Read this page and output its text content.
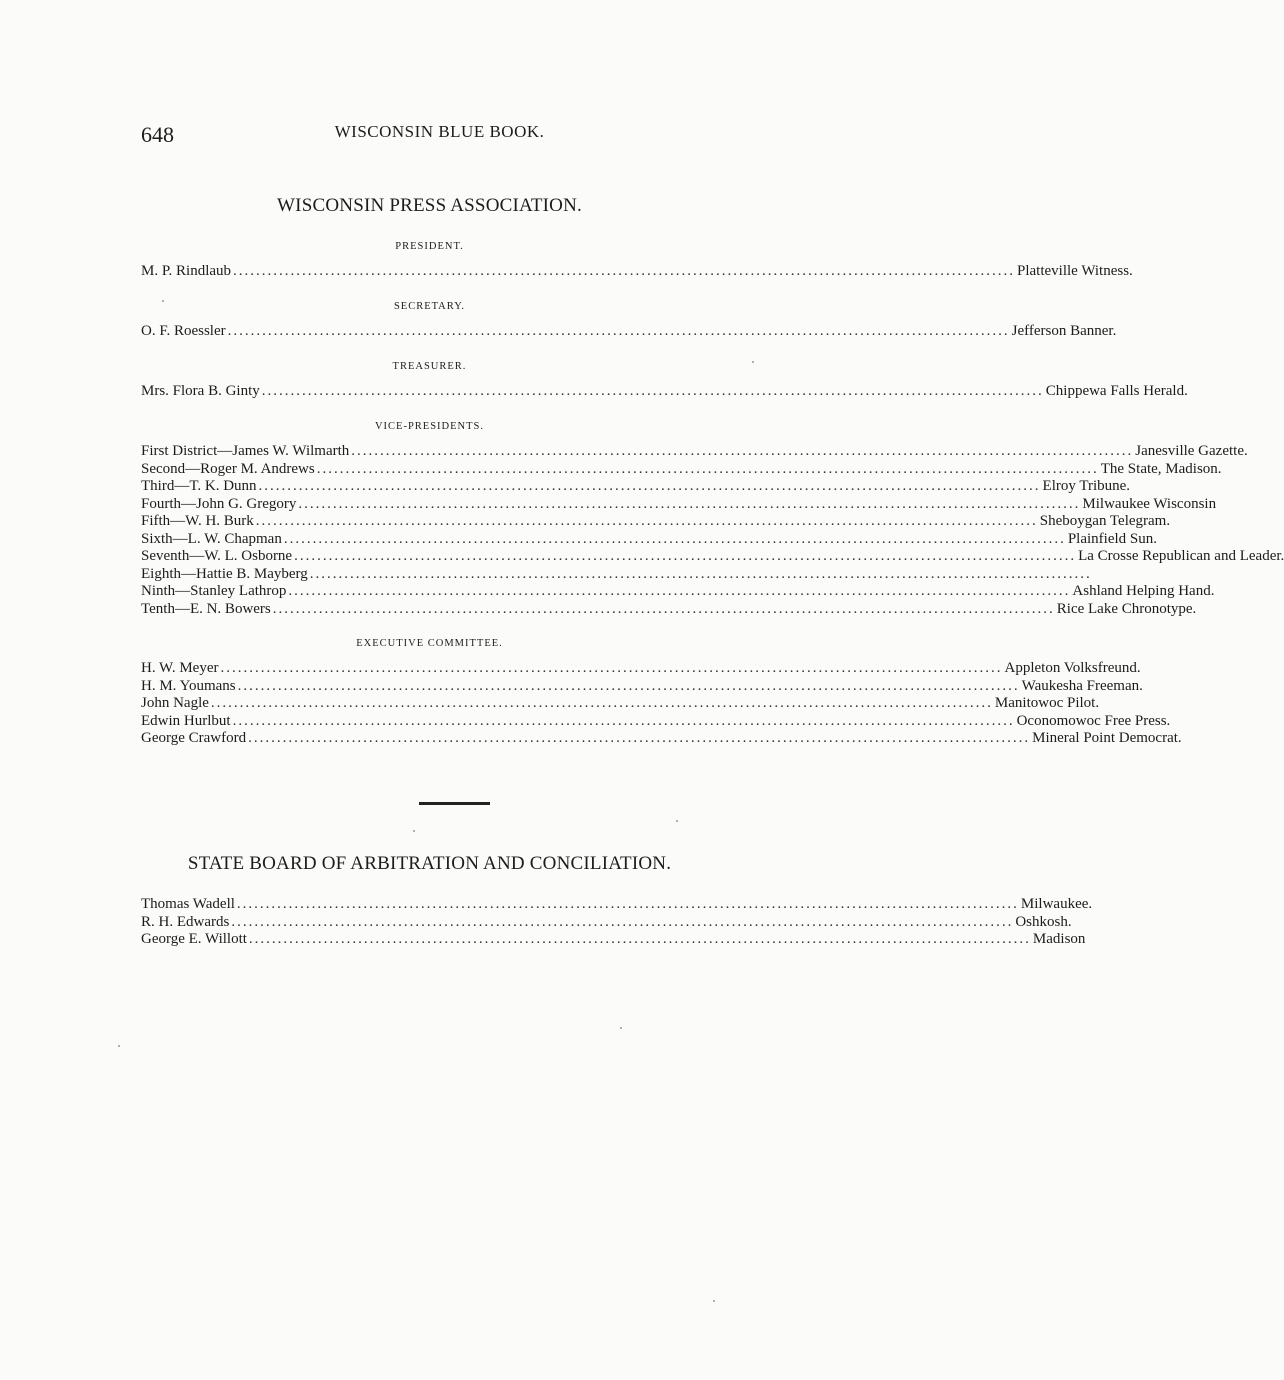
648	WISCONSIN BLUE BOOK.
WISCONSIN PRESS ASSOCIATION.
PRESIDENT.
M. P. Rindlaub ........................................................................................................................................ Platteville Witness.
SECRETARY.
O. F. Roessler ........................................................................................................................................ Jefferson Banner.
TREASURER.
Mrs. Flora B. Ginty ........................................................................................................................................ Chippewa Falls Herald.
VICE-PRESIDENTS.
First District—James W. Wilmarth ........................................................................................................................................ Janesville Gazette.
Second—Roger M. Andrews ........................................................................................................................................ The State, Madison.
Third—T. K. Dunn ........................................................................................................................................ Elroy Tribune.
Fourth—John G. Gregory ........................................................................................................................................ Milwaukee Wisconsin
Fifth—W. H. Burk ........................................................................................................................................ Sheboygan Telegram.
Sixth—L. W. Chapman ........................................................................................................................................ Plainfield Sun.
Seventh—W. L. Osborne ........................................................................................................................................ La Crosse Republican and Leader.
Eighth—Hattie B. Mayberg ........................................................................................................................................
Ninth—Stanley Lathrop ........................................................................................................................................ Ashland Helping Hand.
Tenth—E. N. Bowers ........................................................................................................................................ Rice Lake Chronotype.
EXECUTIVE COMMITTEE.
H. W. Meyer ........................................................................................................................................ Appleton Volksfreund.
H. M. Youmans ........................................................................................................................................ Waukesha Freeman.
John Nagle ........................................................................................................................................ Manitowoc Pilot.
Edwin Hurlbut ........................................................................................................................................ Oconomowoc Free Press.
George Crawford ........................................................................................................................................ Mineral Point Democrat.
STATE BOARD OF ARBITRATION AND CONCILIATION.
Thomas Wadell ........................................................................................................................................ Milwaukee.
R. H. Edwards ........................................................................................................................................ Oshkosh.
George E. Willott ........................................................................................................................................ Madison
